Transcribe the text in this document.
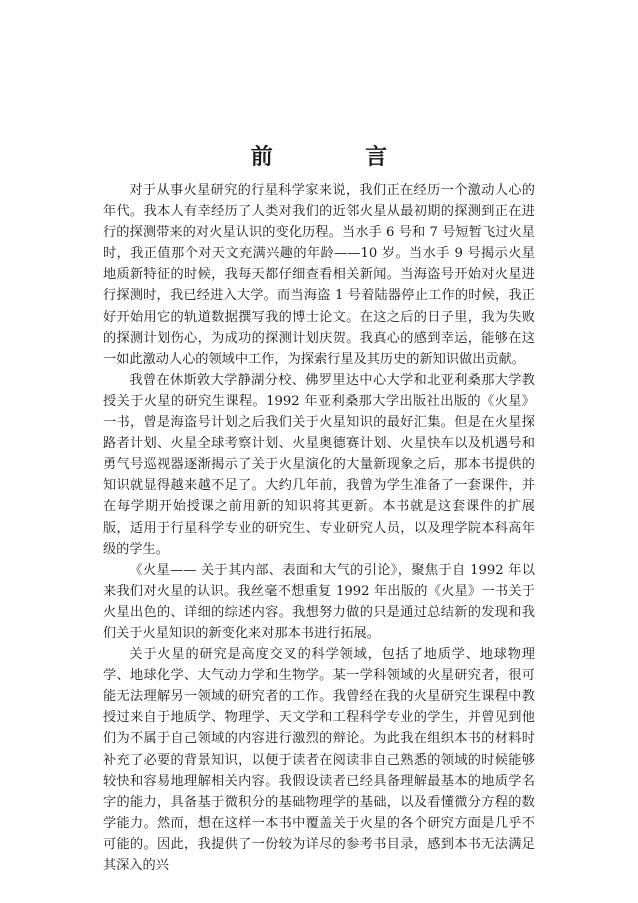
前　言

对于从事火星研究的行星科学家来说，我们正在经历一个激动人心的年代。我本人有幸经历了人类对我们的近邻火星从最初期的探测到正在进行的探测带来的对火星认识的变化历程。当水手 6 号和 7 号短暂飞过火星时，我正值那个对天文充满兴趣的年龄——10 岁。当水手 9 号揭示火星地质新特征的时候，我每天都仔细查看相关新闻。当海盗号开始对火星进行探测时，我已经进入大学。而当海盗 1 号着陆器停止工作的时候，我正好开始用它的轨道数据撰写我的博士论文。在这之后的日子里，我为失败的探测计划伤心，为成功的探测计划庆贺。我真心的感到幸运，能够在这一如此激动人心的领域中工作，为探索行星及其历史的新知识做出贡献。

我曾在休斯敦大学静湖分校、佛罗里达中心大学和北亚利桑那大学教授关于火星的研究生课程。1992 年亚利桑那大学出版社出版的《火星》一书，曾是海盗号计划之后我们关于火星知识的最好汇集。但是在火星探路者计划、火星全球考察计划、火星奥德赛计划、火星快车以及机遇号和勇气号巡视器逐渐揭示了关于火星演化的大量新现象之后，那本书提供的知识就显得越来越不足了。大约几年前，我曾为学生准备了一套课件，并在每学期开始授课之前用新的知识将其更新。本书就是这套课件的扩展版，适用于行星科学专业的研究生、专业研究人员，以及理学院本科高年级的学生。

《火星—— 关于其内部、表面和大气的引论》，聚焦于自 1992 年以来我们对火星的认识。我丝毫不想重复 1992 年出版的《火星》一书关于火星出色的、详细的综述内容。我想努力做的只是通过总结新的发现和我们关于火星知识的新变化来对那本书进行拓展。

关于火星的研究是高度交叉的科学领域，包括了地质学、地球物理学、地球化学、大气动力学和生物学。某一学科领域的火星研究者，很可能无法理解另一领域的研究者的工作。我曾经在我的火星研究生课程中教授过来自于地质学、物理学、天文学和工程科学专业的学生，并曾见到他们为不属于自己领域的内容进行激烈的辩论。为此我在组织本书的材料时补充了必要的背景知识，以便于读者在阅读非自己熟悉的领域的时候能够较快和容易地理解相关内容。我假设读者已经具备理解最基本的地质学名字的能力，具备基于微积分的基础物理学的基础，以及看懂微分方程的数学能力。然而，想在这样一本书中覆盖关于火星的各个研究方面是几乎不可能的。因此，我提供了一份较为详尽的参考书目录，感到本书无法满足其深入的兴
